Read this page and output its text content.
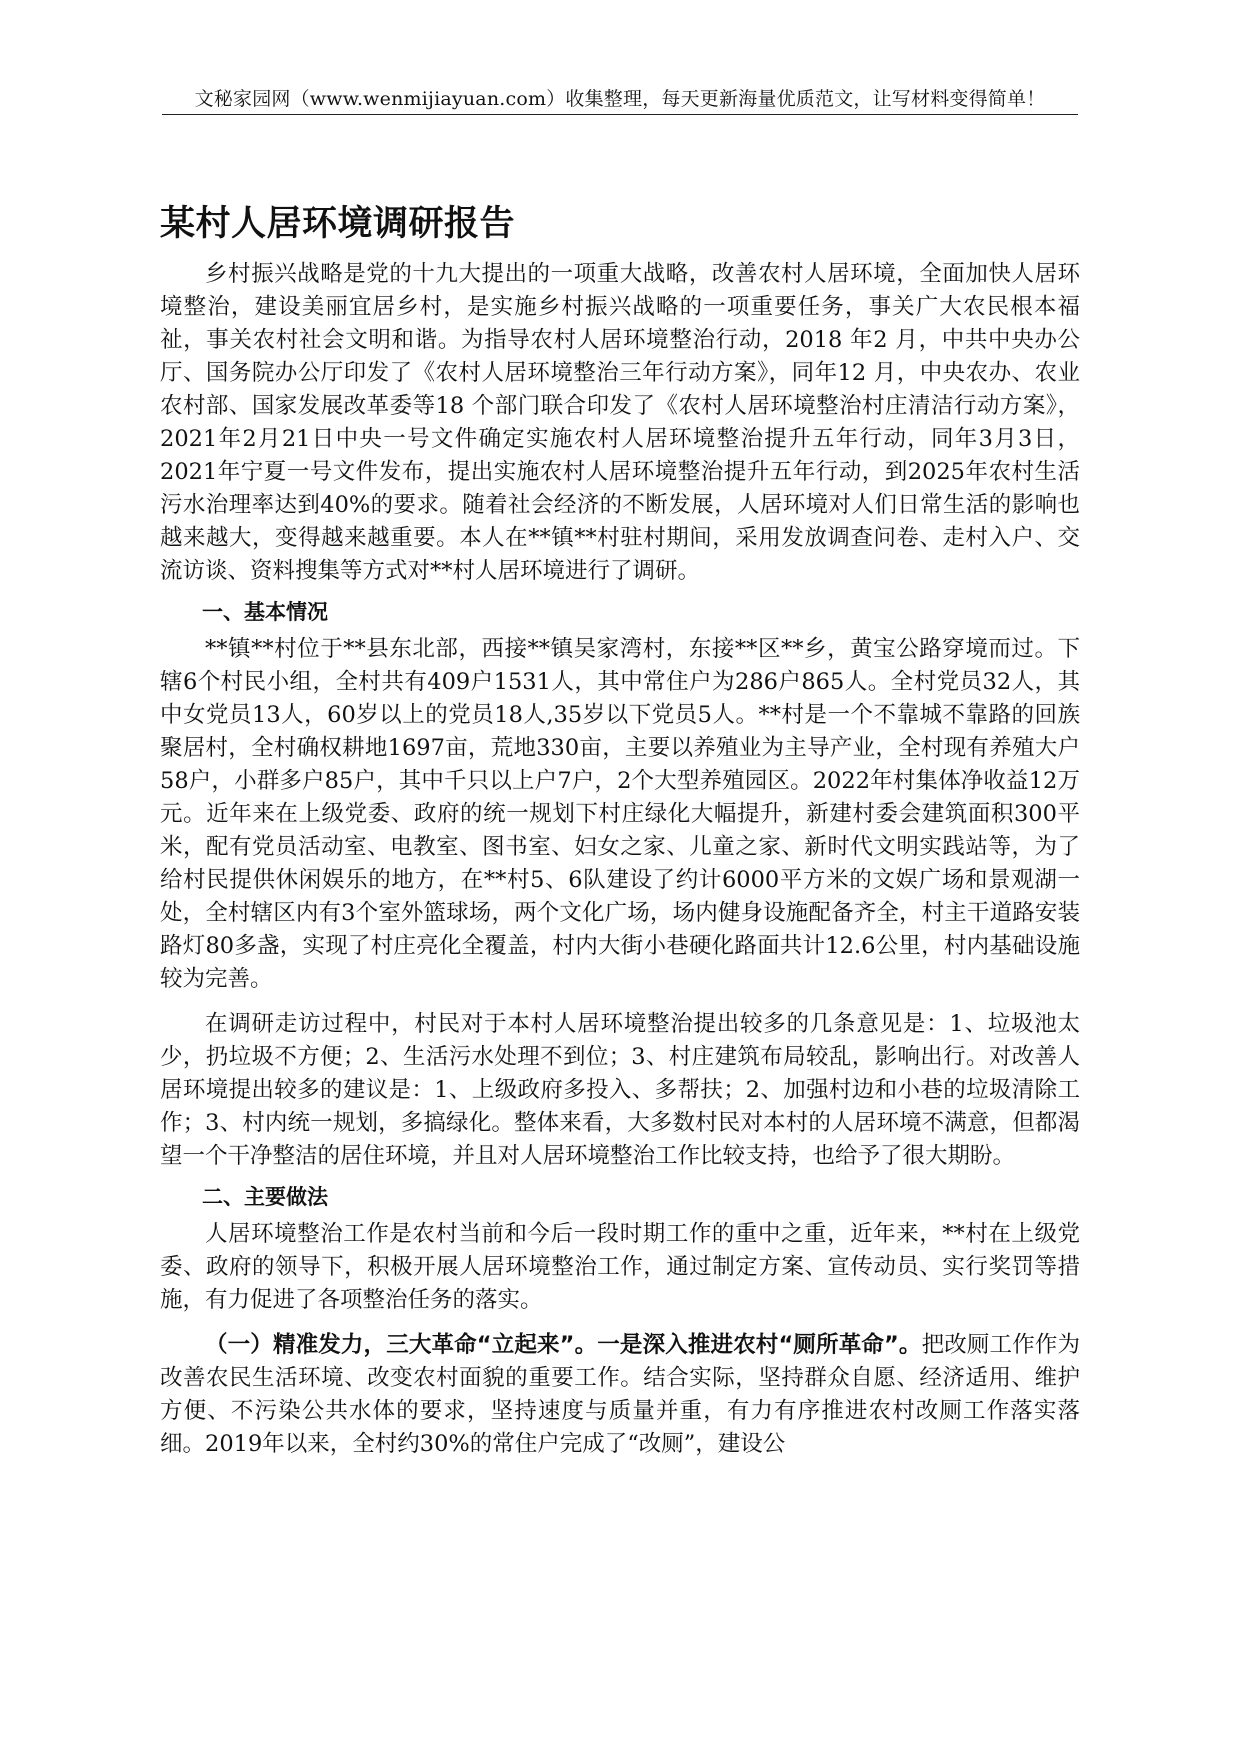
文秘家园网（www.wenmijiayuan.com）收集整理，每天更新海量优质范文，让写材料变得简单！
某村人居环境调研报告

乡村振兴战略是党的十九大提出的一项重大战略，改善农村人居环境，全面加快人居环境整治，建设美丽宜居乡村，是实施乡村振兴战略的一项重要任务，事关广大农民根本福祉，事关农村社会文明和谐。为指导农村人居环境整治行动，2018 年2 月，中共中央办公厅、国务院办公厅印发了《农村人居环境整治三年行动方案》，同年12 月，中央农办、农业农村部、国家发展改革委等18 个部门联合印发了《农村人居环境整治村庄清洁行动方案》，2021年2月21日中央一号文件确定实施农村人居环境整治提升五年行动，同年3月3日，2021年宁夏一号文件发布，提出实施农村人居环境整治提升五年行动，到2025年农村生活污水治理率达到40%的要求。随着社会经济的不断发展，人居环境对人们日常生活的影响也越来越大，变得越来越重要。本人在**镇**村驻村期间，采用发放调查问卷、走村入户、交流访谈、资料搜集等方式对**村人居环境进行了调研。

一、基本情况

**镇**村位于**县东北部，西接**镇吴家湾村，东接**区**乡，黄宝公路穿境而过。下辖6个村民小组，全村共有409户1531人，其中常住户为286户865人。全村党员32人，其中女党员13人，60岁以上的党员18人,35岁以下党员5人。**村是一个不靠城不靠路的回族聚居村，全村确权耕地1697亩，荒地330亩，主要以养殖业为主导产业，全村现有养殖大户58户，小群多户85户，其中千只以上户7户，2个大型养殖园区。2022年村集体净收益12万元。近年来在上级党委、政府的统一规划下村庄绿化大幅提升，新建村委会建筑面积300平米，配有党员活动室、电教室、图书室、妇女之家、儿童之家、新时代文明实践站等，为了给村民提供休闲娱乐的地方，在**村5、6队建设了约计6000平方米的文娱广场和景观湖一处，全村辖区内有3个室外篮球场，两个文化广场，场内健身设施配备齐全，村主干道路安装路灯80多盏，实现了村庄亮化全覆盖，村内大街小巷硬化路面共计12.6公里，村内基础设施较为完善。

在调研走访过程中，村民对于本村人居环境整治提出较多的几条意见是：1、垃圾池太少，扔垃圾不方便；2、生活污水处理不到位；3、村庄建筑布局较乱，影响出行。对改善人居环境提出较多的建议是：1、上级政府多投入、多帮扶；2、加强村边和小巷的垃圾清除工作；3、村内统一规划，多搞绿化。整体来看，大多数村民对本村的人居环境不满意，但都渴望一个干净整洁的居住环境，并且对人居环境整治工作比较支持，也给予了很大期盼。

二、主要做法

人居环境整治工作是农村当前和今后一段时期工作的重中之重，近年来，**村在上级党委、政府的领导下，积极开展人居环境整治工作，通过制定方案、宣传动员、实行奖罚等措施，有力促进了各项整治任务的落实。

（一）精准发力，三大革命“立起来”。一是深入推进农村“厕所革命”。把改厕工作作为改善农民生活环境、改变农村面貌的重要工作。结合实际，坚持群众自愿、经济适用、维护方便、不污染公共水体的要求，坚持速度与质量并重，有力有序推进农村改厕工作落实落细。2019年以来，全村约30%的常住户完成了“改厕”，建设公
